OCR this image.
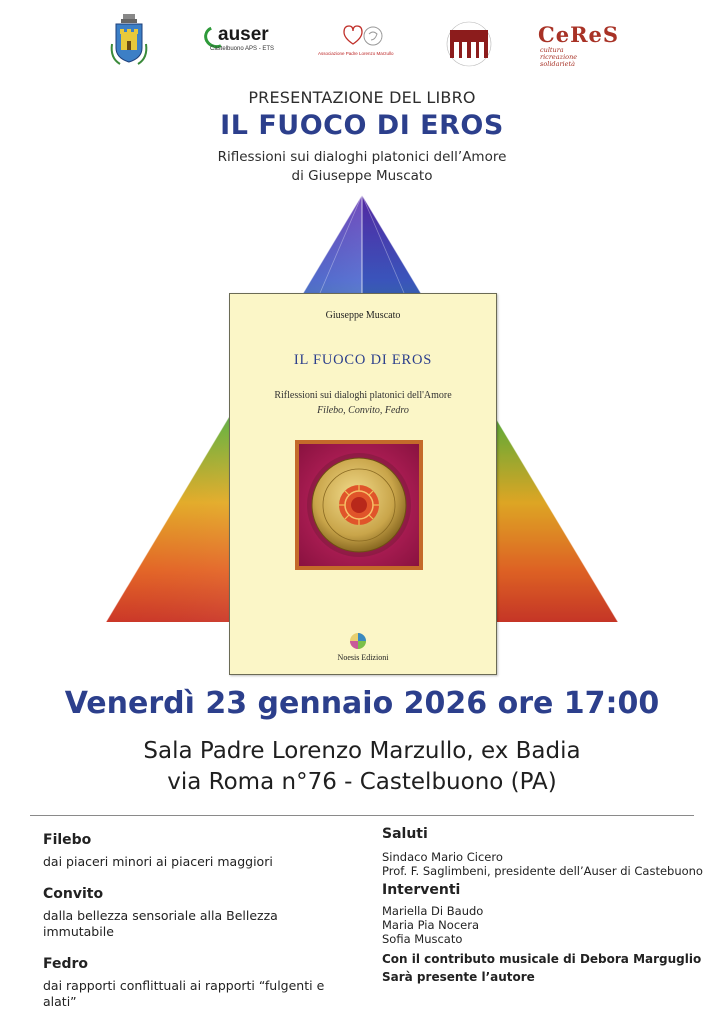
auser
Castelbuono APS - ETS
Associazione Padre Lorenzo Marzullo
CeReS
cultura
ricreazione
solidarietà
PRESENTAZIONE DEL LIBRO
IL FUOCO DI EROS
Riflessioni sui dialoghi platonici dell’Amore
di Giuseppe Muscato
Giuseppe Muscato
IL FUOCO DI EROS
Riflessioni sui dialoghi platonici dell'Amore
Filebo, Convito, Fedro
Noesis Edizioni
Venerdì 23 gennaio 2026 ore 17:00
Sala Padre Lorenzo Marzullo, ex Badia
via Roma n°76 - Castelbuono (PA)

Filebo

dai piaceri minori ai piaceri maggiori

Convito

dalla bellezza sensoriale alla Bellezza immutabile

Fedro

dai rapporti conflittuali ai rapporti “fulgenti e alati”

Saluti

Sindaco Mario Cicero

Prof. F. Saglimbeni, presidente dell’Auser di Castebuono

Interventi

Mariella Di Baudo

Maria Pia Nocera

Sofia Muscato

Con il contributo musicale di Debora Marguglio

Sarà presente l’autore
